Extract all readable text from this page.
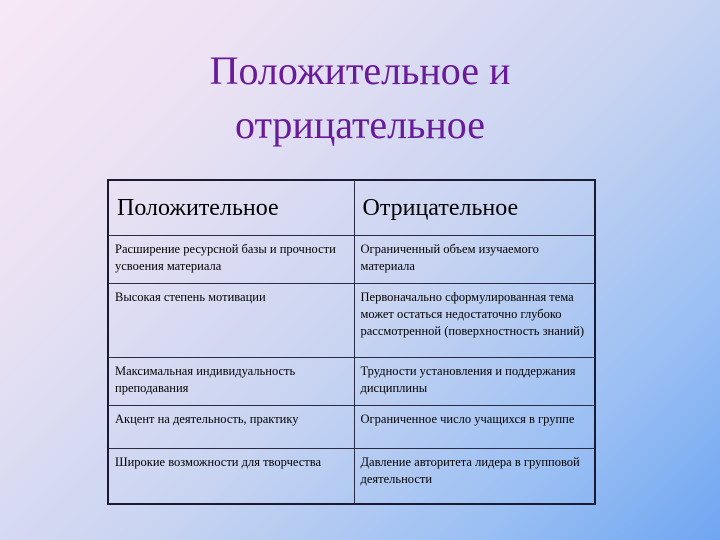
Положительное и
отрицательное
Положительное	Отрицательное
Расширение ресурсной базы и прочности усвоения материала	Ограниченный объем изучаемого материала
Высокая степень мотивации	Первоначально сформулированная тема может остаться недостаточно глубоко рассмотренной (поверхностность знаний)
Максимальная индивидуальность преподавания	Трудности установления и поддержания дисциплины
Акцент на деятельность, практику	Ограниченное число учащихся в группе
Широкие возможности для творчества	Давление авторитета лидера в групповой деятельности
